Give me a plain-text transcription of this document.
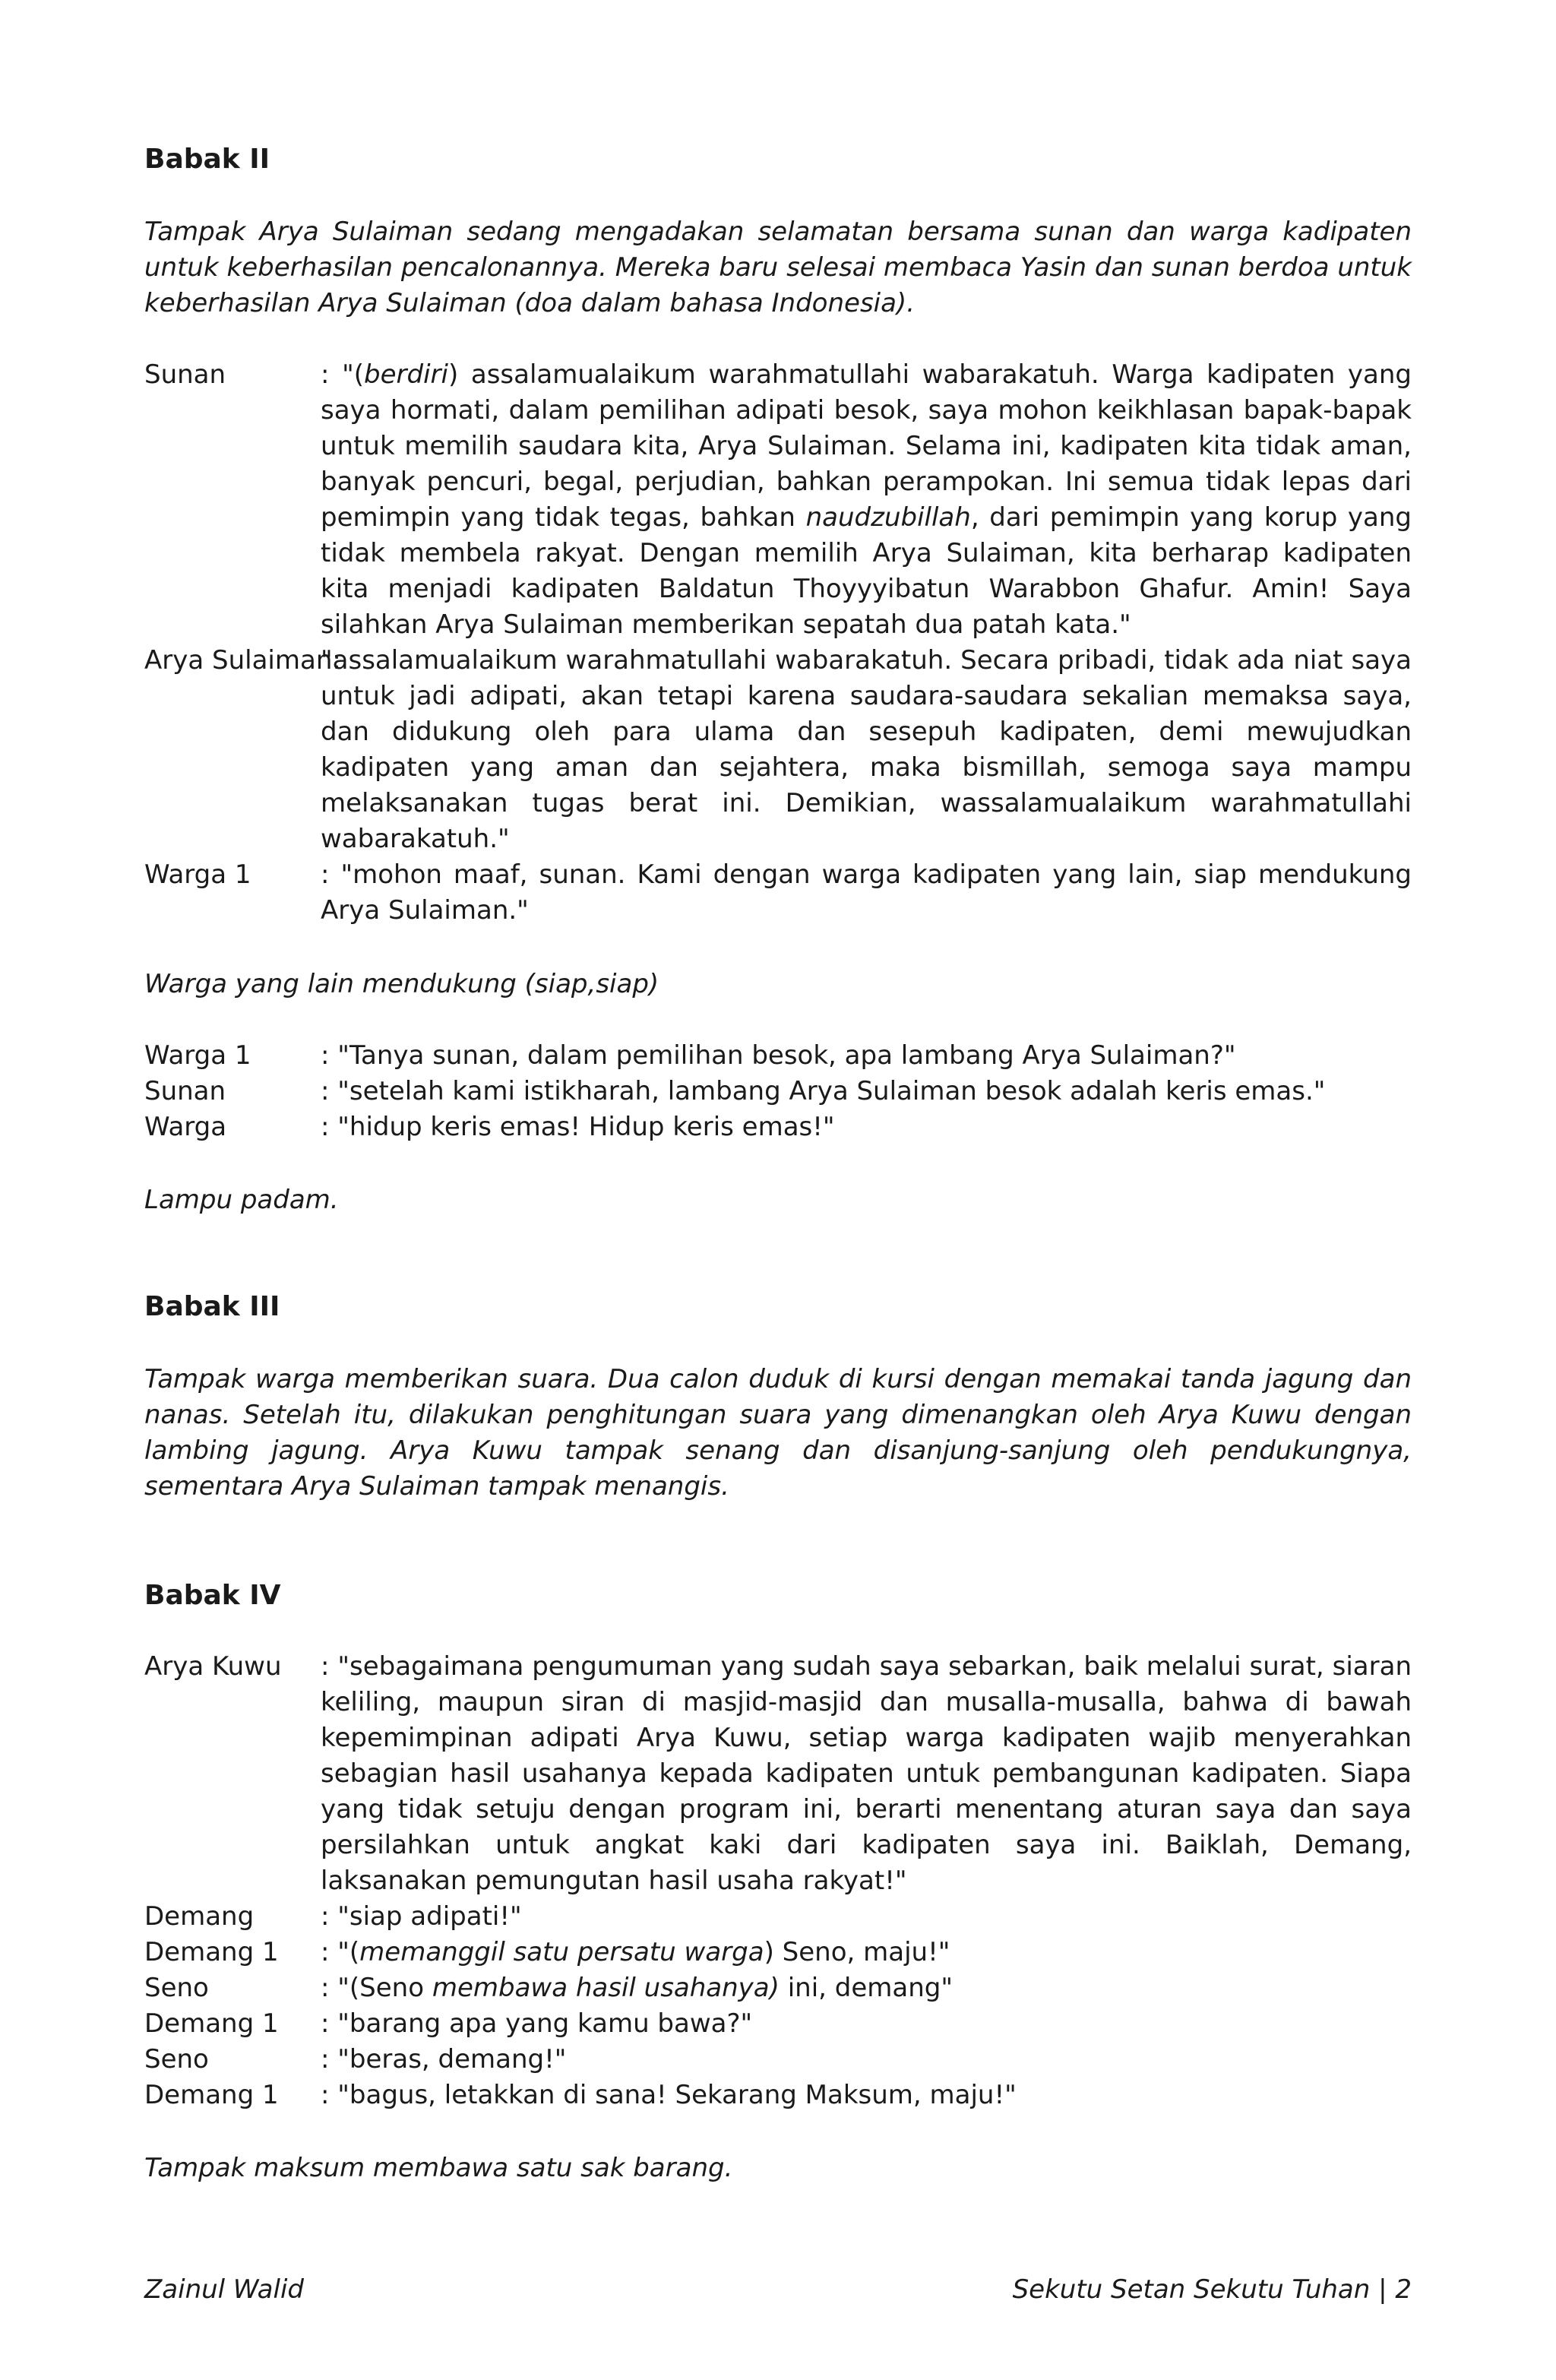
Babak II

Tampak Arya Sulaiman sedang mengadakan selamatan bersama sunan dan warga kadipaten untuk keberhasilan pencalonannya. Mereka baru selesai membaca Yasin dan sunan berdoa untuk keberhasilan Arya Sulaiman (doa dalam bahasa Indonesia).

Sunan	: "(berdiri) assalamualaikum warahmatullahi wabarakatuh. Warga kadipaten yang saya hormati, dalam pemilihan adipati besok, saya mohon keikhlasan bapak-bapak untuk memilih saudara kita, Arya Sulaiman. Selama ini, kadipaten kita tidak aman, banyak pencuri, begal, perjudian, bahkan perampokan. Ini semua tidak lepas dari pemimpin yang tidak tegas, bahkan naudzubillah, dari pemimpin yang korup yang tidak membela rakyat. Dengan memilih Arya Sulaiman, kita berharap kadipaten kita menjadi kadipaten Baldatun Thoyyyibatun Warabbon Ghafur. Amin! Saya silahkan Arya Sulaiman memberikan sepatah dua patah kata."
Arya Sulaiman:
"assalamualaikum warahmatullahi wabarakatuh. Secara pribadi, tidak ada niat saya untuk jadi adipati, akan tetapi karena saudara-saudara sekalian memaksa saya, dan didukung oleh para ulama dan sesepuh kadipaten, demi mewujudkan kadipaten yang aman dan sejahtera, maka bismillah, semoga saya mampu melaksanakan tugas berat ini. Demikian, wassalamualaikum warahmatullahi wabarakatuh."
Warga 1	: "mohon maaf, sunan. Kami dengan warga kadipaten yang lain, siap mendukung Arya Sulaiman."

Warga yang lain mendukung (siap,siap)

Warga 1	: "Tanya sunan, dalam pemilihan besok, apa lambang Arya Sulaiman?"
Sunan	: "setelah kami istikharah, lambang Arya Sulaiman besok adalah keris emas."
Warga	: "hidup keris emas! Hidup keris emas!"

Lampu padam.

Babak III

Tampak warga memberikan suara. Dua calon duduk di kursi dengan memakai tanda jagung dan nanas. Setelah itu, dilakukan penghitungan suara yang dimenangkan oleh Arya Kuwu dengan lambing jagung. Arya Kuwu tampak senang dan disanjung-sanjung oleh pendukungnya, sementara Arya Sulaiman tampak menangis.

Babak IV

Arya Kuwu	: "sebagaimana pengumuman yang sudah saya sebarkan, baik melalui surat, siaran keliling, maupun siran di masjid-masjid dan musalla-musalla, bahwa di bawah kepemimpinan adipati Arya Kuwu, setiap warga kadipaten wajib menyerahkan sebagian hasil usahanya kepada kadipaten untuk pembangunan kadipaten. Siapa yang tidak setuju dengan program ini, berarti menentang aturan saya dan saya persilahkan untuk angkat kaki dari kadipaten saya ini. Baiklah, Demang, laksanakan pemungutan hasil usaha rakyat!"
Demang	: "siap adipati!"
Demang 1	: "(memanggil satu persatu warga) Seno, maju!"
Seno	: "(Seno membawa hasil usahanya) ini, demang"
Demang 1	: "barang apa yang kamu bawa?"
Seno	: "beras, demang!"
Demang 1	: "bagus, letakkan di sana! Sekarang Maksum, maju!"

Tampak maksum membawa satu sak barang.

Zainul Walid	Sekutu Setan Sekutu Tuhan | 2
